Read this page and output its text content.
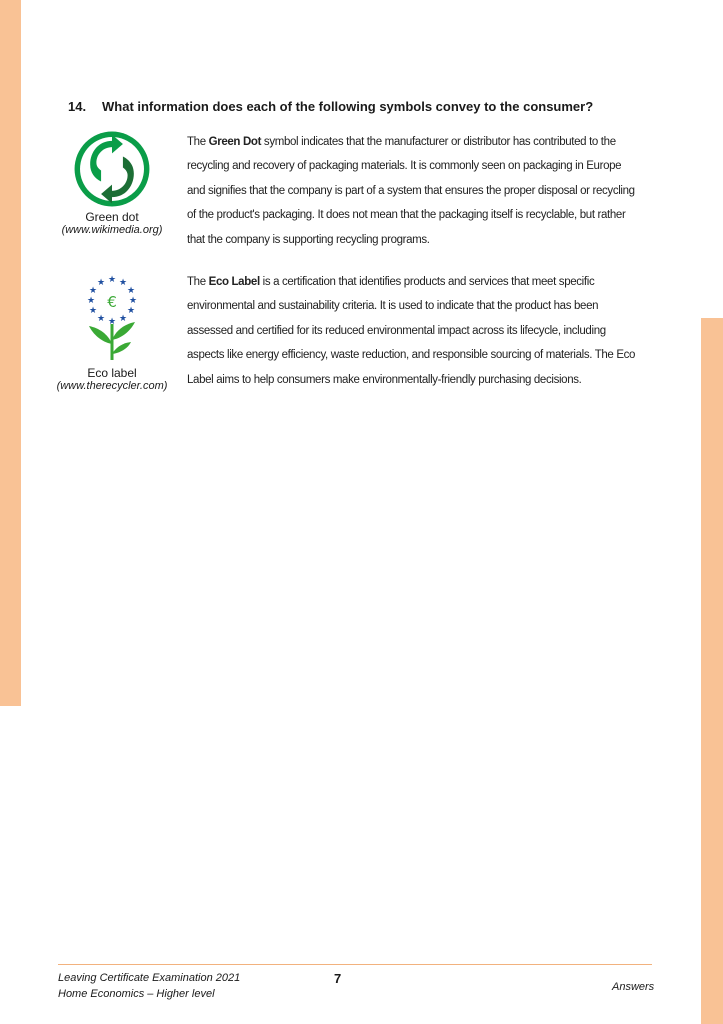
14. What information does each of the following symbols convey to the consumer?
Green dot
(www.wikimedia.org)
The Green Dot symbol indicates that the manufacturer or distributor has contributed to the recycling and recovery of packaging materials. It is commonly seen on packaging in Europe and signifies that the company is part of a system that ensures the proper disposal or recycling of the product's packaging. It does not mean that the packaging itself is recyclable, but rather that the company is supporting recycling programs.
★ ★
★
★
★
★
★
★
★
★
★
★
€
Eco label
(www.therecycler.com)
The Eco Label is a certification that identifies products and services that meet specific environmental and sustainability criteria. It is used to indicate that the product has been assessed and certified for its reduced environmental impact across its lifecycle, including aspects like energy efficiency, waste reduction, and responsible sourcing of materials. The Eco Label aims to help consumers make environmentally-friendly purchasing decisions.
Leaving Certificate Examination 2021
Home Economics – Higher level
7
Answers
